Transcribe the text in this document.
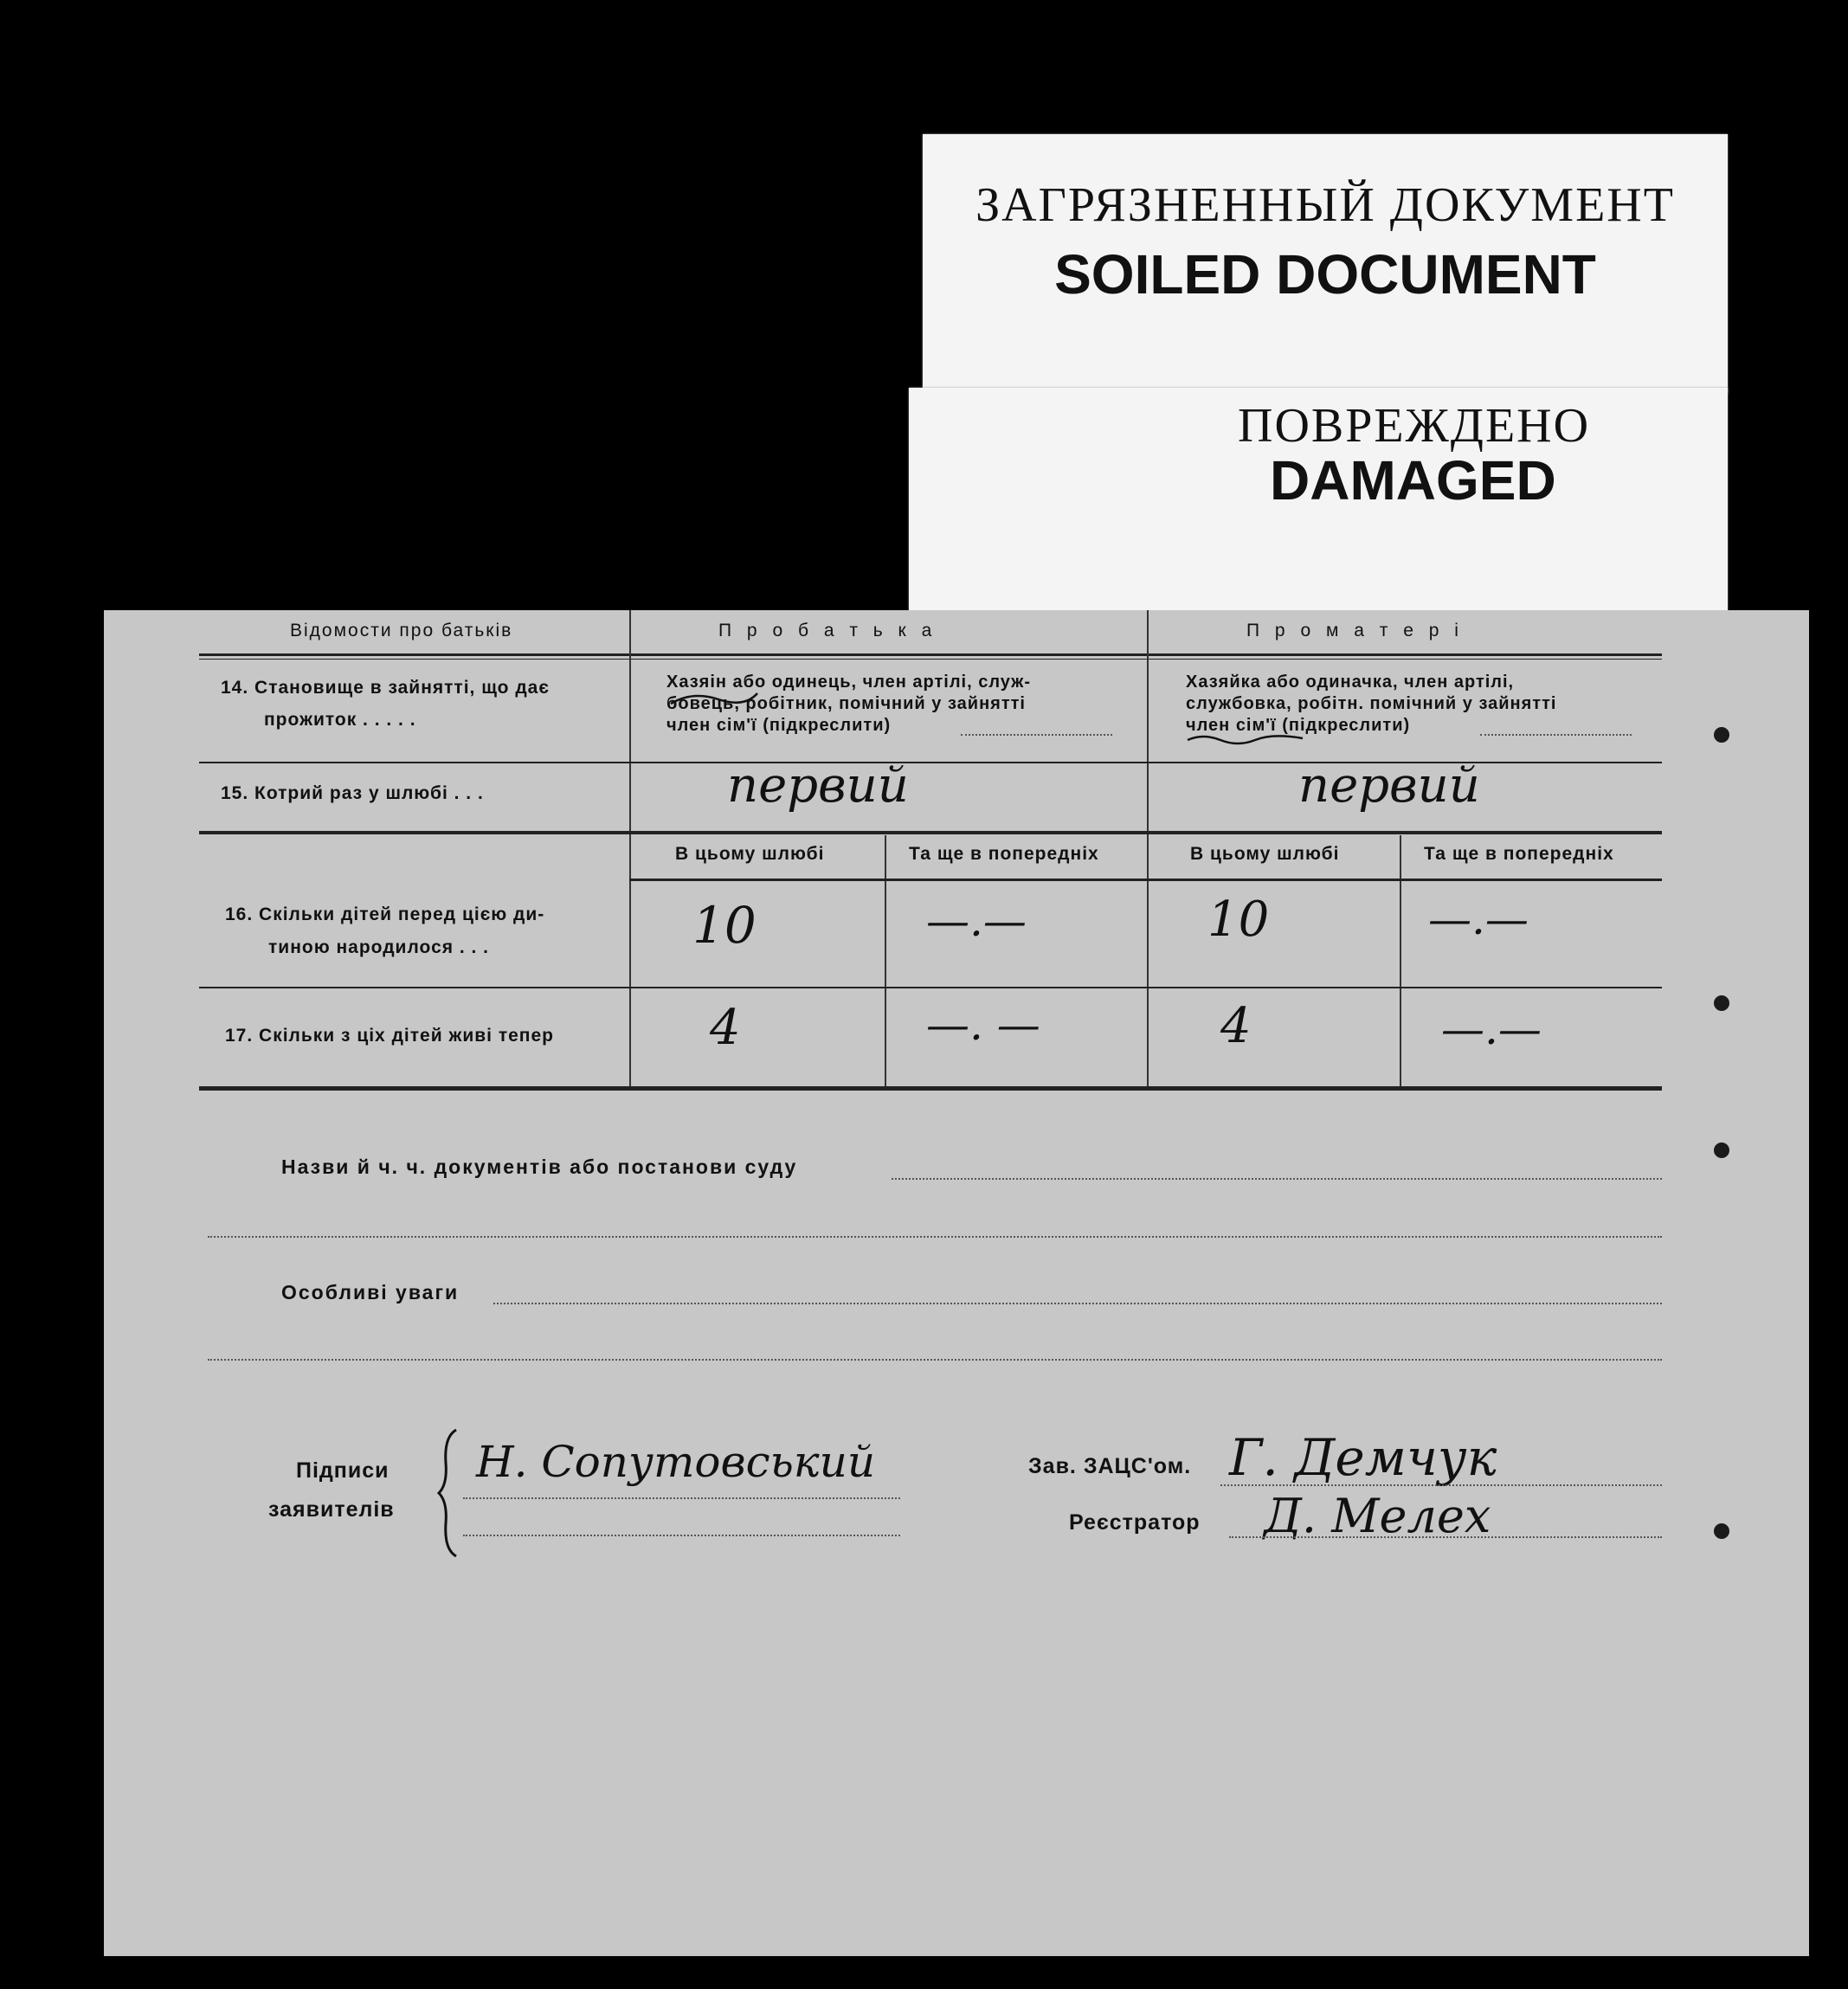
ЗАГРЯЗНЕННЫЙ ДОКУМЕНТ
SOILED DOCUMENT
ПОВРЕЖДЕНО
DAMAGED
Відомости про батьків	П р о б а т ь к а	П р о м а т е р і
14. Становище в зайнятті, що дає
прожиток . . . . .
Хазяін або одинець, член артілі, служ-
бовець, робітник, помічний у зайнятті
член сім'ї (підкреслити)
Хазяйка або одиначка, член артілі,
службовка, робітн. помічний у зайнятті
член сім'ї (підкреслити)
15. Котрий раз у шлюбі . . .	первий	первий
В цьому шлюбі	Та ще в попередніх	В цьому шлюбі	Та ще в попередніх
16. Скільки дітей перед цією ди-
тиною народилося . . .	10	—.—	10	—.—
17. Скільки з ціх дітей живі тепер	4	—. —	4	—.—
Назви й ч. ч. документів або постанови суду
Особливі уваги
Підписи
заявителів
Н. Сопутовський	Зав. ЗАЦС'ом. Г. Демчук
Реєстратор Д. Мелех
